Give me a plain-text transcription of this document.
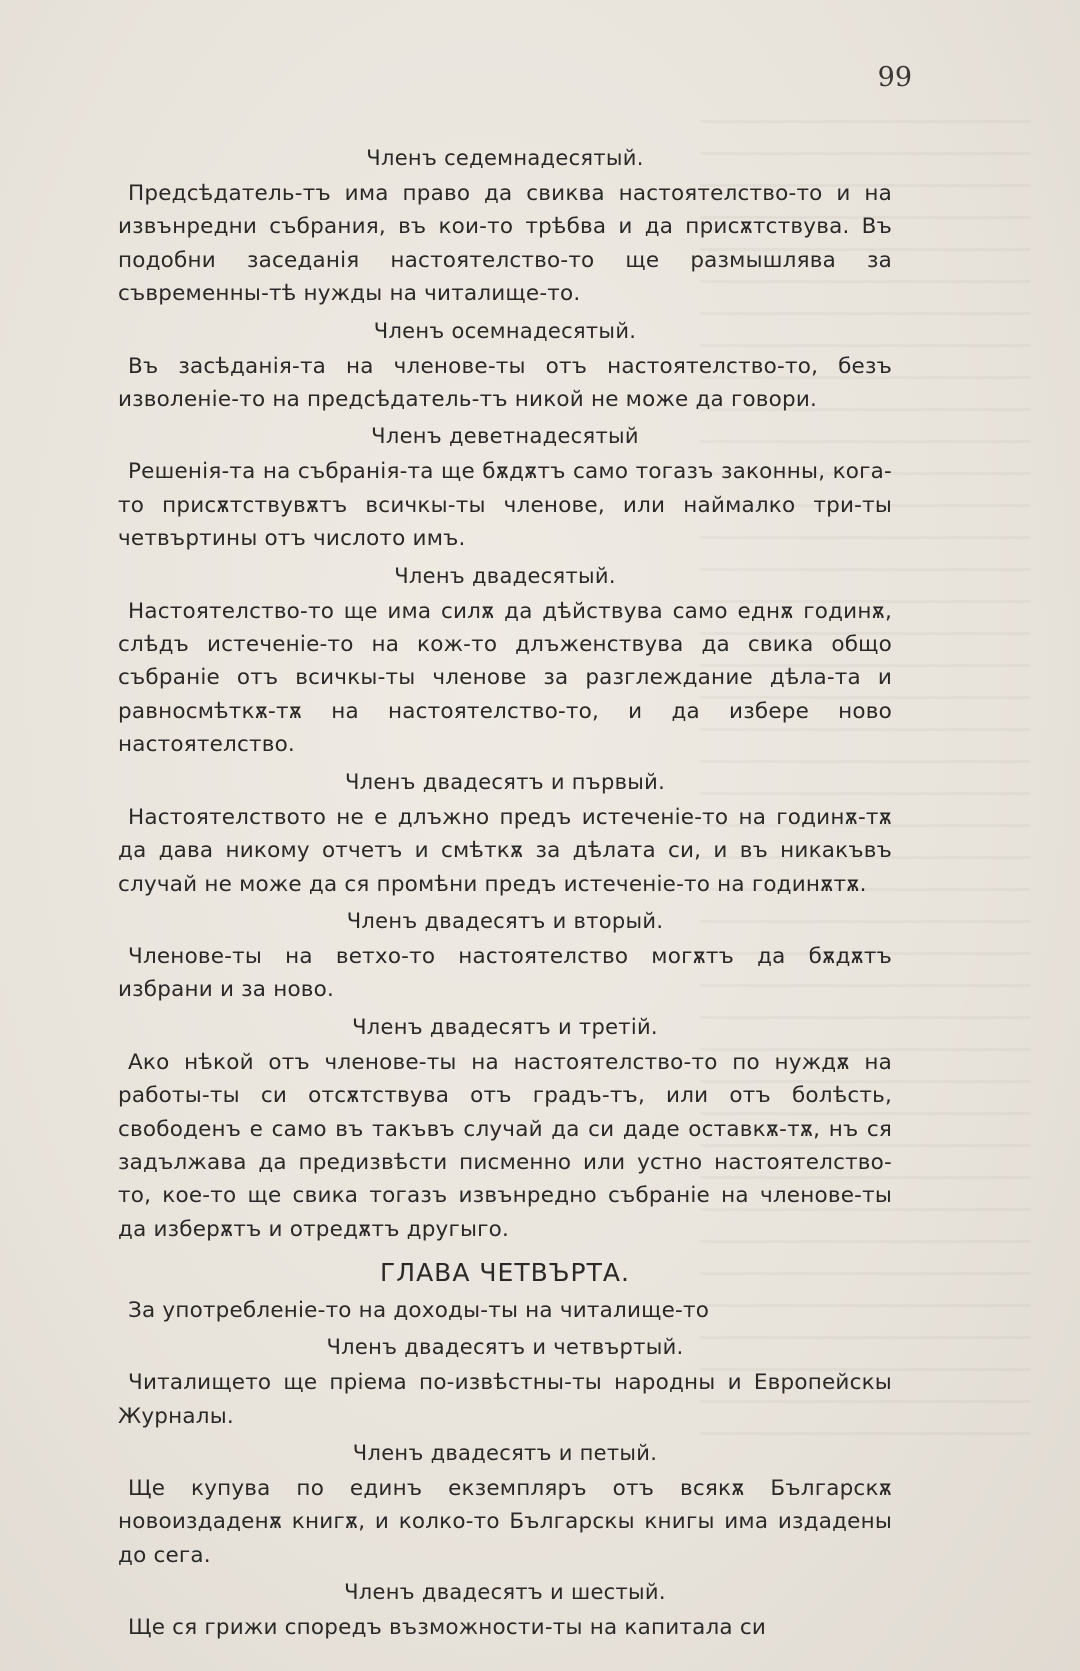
99
Членъ седемнадесятый.

Предсѣдатель-тъ има право да свиква настоятелство-то и на извънредни събрания, въ кои-то трѣбва и да присѫтствува. Въ подобни заседанія настоятелство-то ще размышлява за съвременны-тѣ нужды на читалище-то.

Членъ осемнадесятый.

Въ засѣданія-та на членове-ты отъ настоятелство-то, безъ изволеніе-то на предсѣдатель-тъ никой не може да говори.

Членъ деветнадесятый

Решенія-та на събранія-та ще бѫдѫтъ само тогазъ законны, кога-то присѫтствувѫтъ всичкы-ты членове, или наймалко три-ты четвъртины отъ числото имъ.

Членъ двадесятый.

Настоятелство-то ще има силѫ да дѣйствува само еднѫ годинѫ, слѣдъ истеченіе-то на кож-то длъженствува да свика общо събраніе отъ всичкы-ты членове за разглеждание дѣла-та и равносмѣткѫ-тѫ на настоятелство-то, и да избере ново настоятелство.

Членъ двадесятъ и първый.

Настоятелството не е длъжно предъ истеченіе-то на годинѫ-тѫ да дава никому отчетъ и смѣткѫ за дѣлата си, и въ никакъвъ случай не може да ся промѣни предъ истеченіе-то на годинѫтѫ.

Членъ двадесятъ и вторый.

Членове-ты на ветхо-то настоятелство могѫтъ да бѫдѫтъ избрани и за ново.

Членъ двадесятъ и третій.

Ако нѣкой отъ членове-ты на настоятелство-то по нуждѫ на работы-ты си отсѫтствува отъ градъ-тъ, или отъ болѣсть, свободенъ е само въ такъвъ случай да си даде оставкѫ-тѫ, нъ ся задължава да предизвѣсти писменно или устно настоятелство-то, кое-то ще свика тогазъ извънредно събраніе на членове-ты да изберѫтъ и отредѫтъ другыго.

ГЛАВА ЧЕТВЪРТА.
За употребленіе-то на доходы-ты на читалище-то
Членъ двадесятъ и четвъртый.

Читалището ще пріема по-извѣстны-ты народны и Европейскы Журналы.

Членъ двадесятъ и петый.

Ще купува по единъ екземпляръ отъ всякѫ Българскѫ новоиздаденѫ книгѫ, и колко-то Българскы книгы има издадены до сега.

Членъ двадесятъ и шестый.

Ще ся грижи споредъ възможности-ты на капитала си
